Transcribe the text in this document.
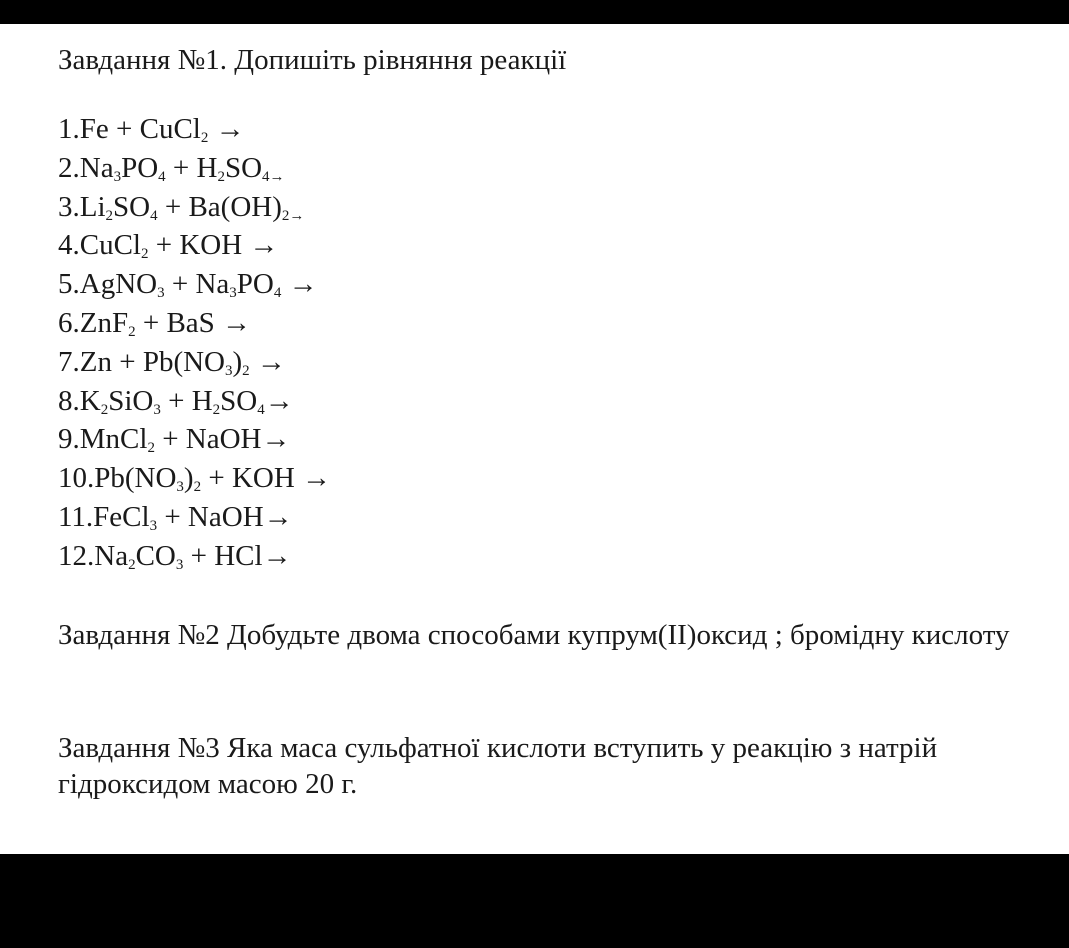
Завдання №1. Допишіть рівняння реакції
1.Fe + CuCl$_2$ →
$2.Na_3PO_4 + H_2SO_{4\to}$
$3.Li_2SO_4 + Ba(OH)_{2\to}$
4.CuCl$_2$ + KOH →
5.AgNO$_3$ + $Na_3PO_4$ →
6.ZnF$_2$ + BaS →
$7.Zn + Pb(NO_3)_2$ →
$8.K_2SiO_3 + H_2SO_4\to$
9.MnCl$_2$ + NaOH→
$10.Pb(NO_3)_2$ + KOH →
11.FeCl$_3$ + NaOH→
$12.Na_2CO_3 + HCl\to$
Завдання №2 Добудьте двома способами купрум(ІІ)оксид ; бромідну кислоту
Завдання №3 Яка маса сульфатної кислоти вступить у реакцію з натрій гідроксидом масою 20 г.
